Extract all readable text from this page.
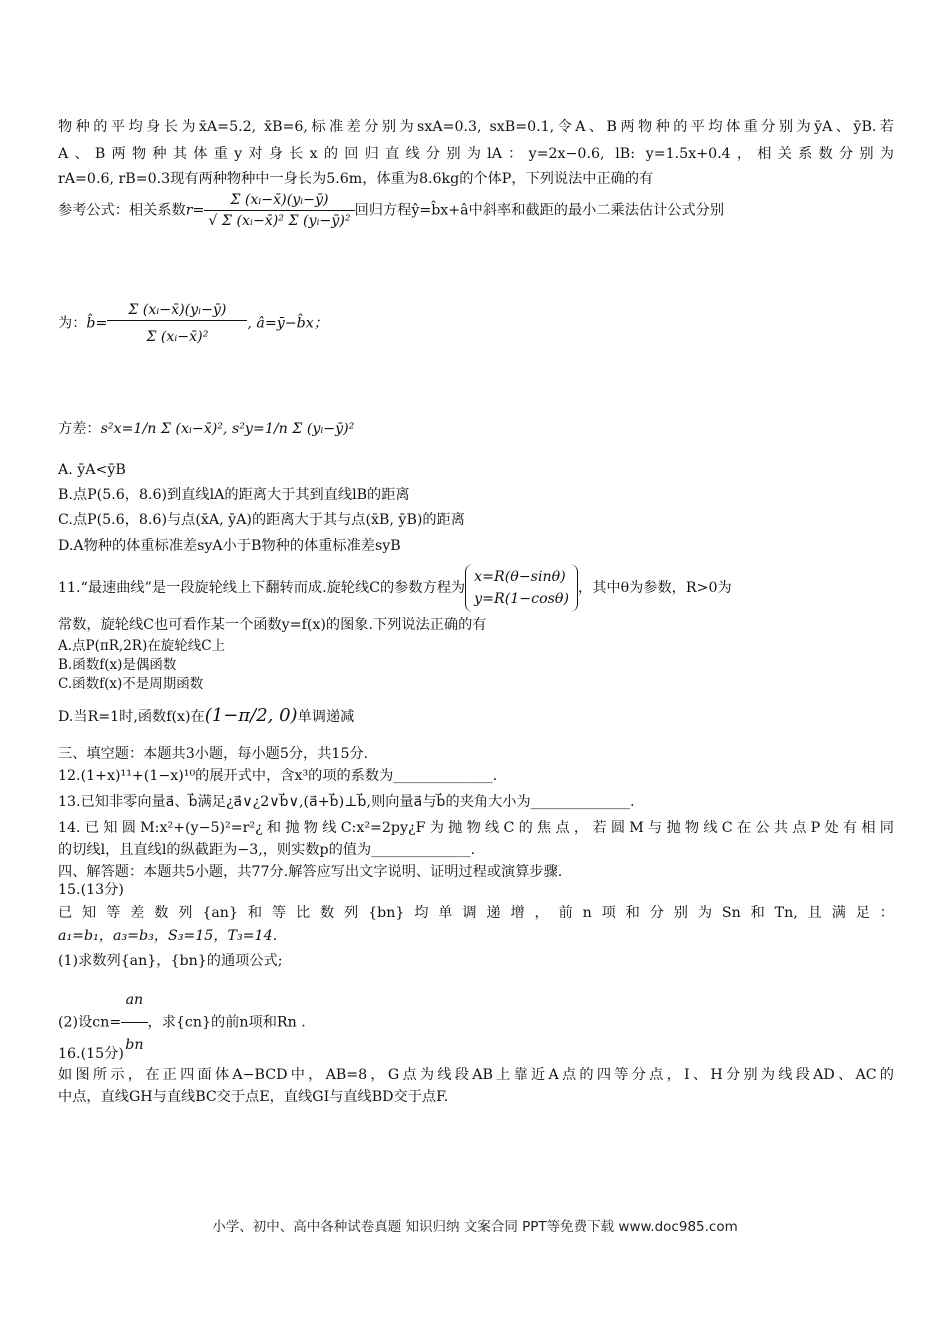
物种的平均身长为x̄A=5.2, x̄B=6,标准差分别为sxA=0.3, sxB=0.1,令A、B两物种的平均体重分别为ȳA、ȳB.若
A、B两物种其体重y对身长x的回归直线分别为lA：y=2x−0.6, lB: y=1.5x+0.4，相关系数分别为
rA=0.6, rB=0.3现有两种物种中一身长为5.6m，体重为8.6kg的个体P，下列说法中正确的有
参考公式：相关系数$r= \frac{\text{Σ (xᵢ−x̄)(yᵢ−ȳ)}}{\text{√ Σ (xᵢ−x̄)² Σ (yᵢ−ȳ)²}}$ 回归方程ŷ=b̂x+â中斜率和截距的最小二乘法估计公式分别
为：b̂= $\frac{\text{Σ (xᵢ−x̄)(yᵢ−ȳ)}}{\text{Σ (xᵢ−x̄)²}}$ , â=ȳ−b̂x；
方差：s²x=1/n Σ (xᵢ−x̄)², s²y=1/n Σ (yᵢ−ȳ)²
A. ȳA<ȳB
B.点P(5.6，8.6)到直线lA的距离大于其到直线lB的距离
C.点P(5.6，8.6)与点(x̄A, ȳA)的距离大于其与点(x̄B, ȳB)的距离
D.A物种的体重标准差syA小于B物种的体重标准差syB
11.“最速曲线”是一段旋轮线上下翻转而成.旋轮线C的参数方程为
x=R(θ−sinθ)
y=R(1−cosθ)
，其中θ为参数，R>0为
常数，旋轮线C也可看作某一个函数y=f(x)的图象.下列说法正确的有
A.点P(πR,2R)在旋轮线C上
B.函数f(x)是偶函数
C.函数f(x)不是周期函数
D.当R=1时,函数f(x)在(1−π/2, 0)单调递减
三、填空题：本题共3小题，每小题5分，共15分.
12.(1+x)¹¹+(1−x)¹⁰的展开式中，含x³的项的系数为______________.
13.已知非零向量a⃗、b⃗满足¿a⃗∨¿2∨b⃗∨,(a⃗+b⃗)⊥b⃗,则向量a⃗与b⃗的夹角大小为______________.
14.已知圆M:x²+(y−5)²=r²¿和抛物线C:x²=2py¿F为抛物线C的焦点，若圆M与抛物线C在公共点P处有相同
的切线l，且直线l的纵截距为−3,，则实数p的值为______________.
四、解答题：本题共5小题，共77分.解答应写出文字说明、证明过程或演算步骤.
15.(13分)
已知等差数列{an}和等比数列{bn}均单调递增，前n项和分别为Sn和Tn,且满足：
a₁=b₁，a₃=b₃，S₃=15，T₃=14.
(1)求数列{an}，{bn}的通项公式;
(2)设$cn= \frac{an}{bn}$ ，求{cn}的前n项和Rn .
16.(15分)
如图所示，在正四面体A−BCD中，AB=8，G点为线段AB上靠近A点的四等分点，I、H分别为线段AD、AC的
中点，直线GH与直线BC交于点E，直线GI与直线BD交于点F.
小学、初中、高中各种试卷真题 知识归纳 文案合同 PPT等免费下载 www.doc985.com
